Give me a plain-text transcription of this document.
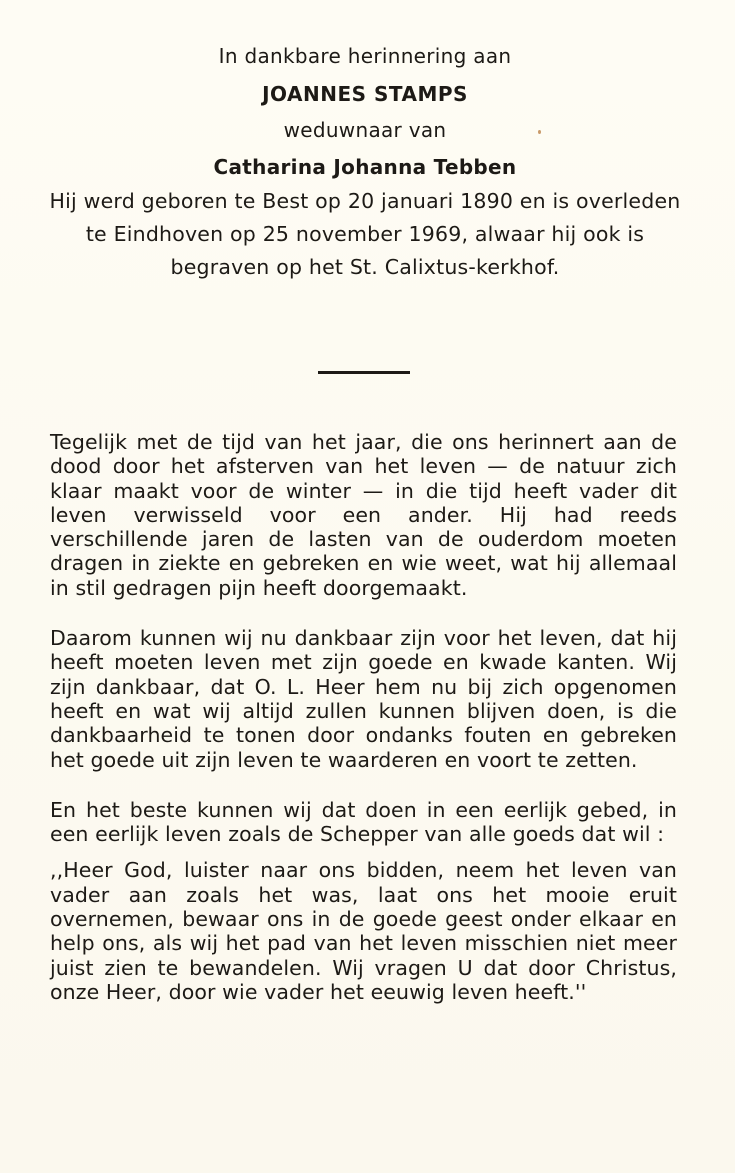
In dankbare herinnering aan
JOANNES STAMPS
weduwnaar van
Catharina Johanna Tebben

Hij werd geboren te Best op 20 januari 1890 en is overleden te Eindhoven op 25 november 1969, alwaar hij ook is begraven op het St. Calixtus-kerkhof.

Tegelijk met de tijd van het jaar, die ons herinnert aan de dood door het afsterven van het leven — de natuur zich klaar maakt voor de winter — in die tijd heeft vader dit leven verwisseld voor een ander. Hij had reeds verschillende jaren de lasten van de ouderdom moeten dragen in ziekte en gebreken en wie weet, wat hij allemaal in stil gedragen pijn heeft doorgemaakt.

Daarom kunnen wij nu dankbaar zijn voor het leven, dat hij heeft moeten leven met zijn goede en kwade kanten. Wij zijn dankbaar, dat O. L. Heer hem nu bij zich opgenomen heeft en wat wij altijd zullen kunnen blijven doen, is die dankbaarheid te tonen door ondanks fouten en gebreken het goede uit zijn leven te waarderen en voort te zetten.

En het beste kunnen wij dat doen in een eerlijk gebed, in een eerlijk leven zoals de Schepper van alle goeds dat wil :

,,Heer God, luister naar ons bidden, neem het leven van vader aan zoals het was, laat ons het mooie eruit overnemen, bewaar ons in de goede geest onder elkaar en help ons, als wij het pad van het leven misschien niet meer juist zien te bewandelen. Wij vragen U dat door Christus, onze Heer, door wie vader het eeuwig leven heeft.''
